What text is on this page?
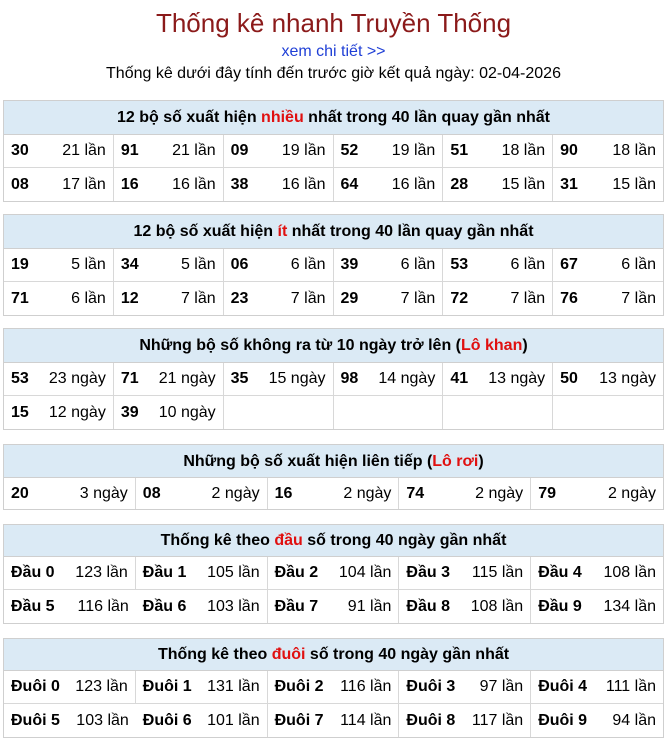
Thống kê nhanh Truyền Thống
xem chi tiết >>
Thống kê dưới đây tính đến trước giờ kết quả ngày: 02-04-2026
12 bộ số xuất hiện nhiều nhất trong 40 lần quay gần nhất
30 21 lần 91 21 lần 09 19 lần 52 19 lần 51 18 lần 90 18 lần
08 17 lần 16 16 lần 38 16 lần 64 16 lần 28 15 lần 31 15 lần
12 bộ số xuất hiện ít nhất trong 40 lần quay gần nhất
19	5 lần 34	5 lần 06	6 lần 39	6 lần 53	6 lần 67	6 lần
71	6 lần 12	7 lần 23	7 lần 29	7 lần 72	7 lần 76	7 lần
Những bộ số không ra từ 10 ngày trở lên (Lô khan)
53 23 ngày 71 21 ngày 35 15 ngày 98 14 ngày 41 13 ngày 50 13 ngày
15 12 ngày 39 10 ngày
Những bộ số xuất hiện liên tiếp (Lô rơi)
20	3 ngày 08	2 ngày 16	2 ngày 74	2 ngày 79	2 ngày
Thống kê theo đầu số trong 40 ngày gần nhất
Đầu 0 123 lần Đầu 1 105 lần Đầu 2 104 lần Đầu 3 115 lần Đầu 4 108 lần
Đầu 5 116 lần Đầu 6 103 lần Đầu 7 91 lần Đầu 8 108 lần Đầu 9 134 lần
Thống kê theo đuôi số trong 40 ngày gần nhất
Đuôi 0 123 lần Đuôi 1 131 lần Đuôi 2 116 lần Đuôi 3 97 lần Đuôi 4 111 lần
Đuôi 5 103 lần Đuôi 6 101 lần Đuôi 7 114 lần Đuôi 8 117 lần Đuôi 9 94 lần
